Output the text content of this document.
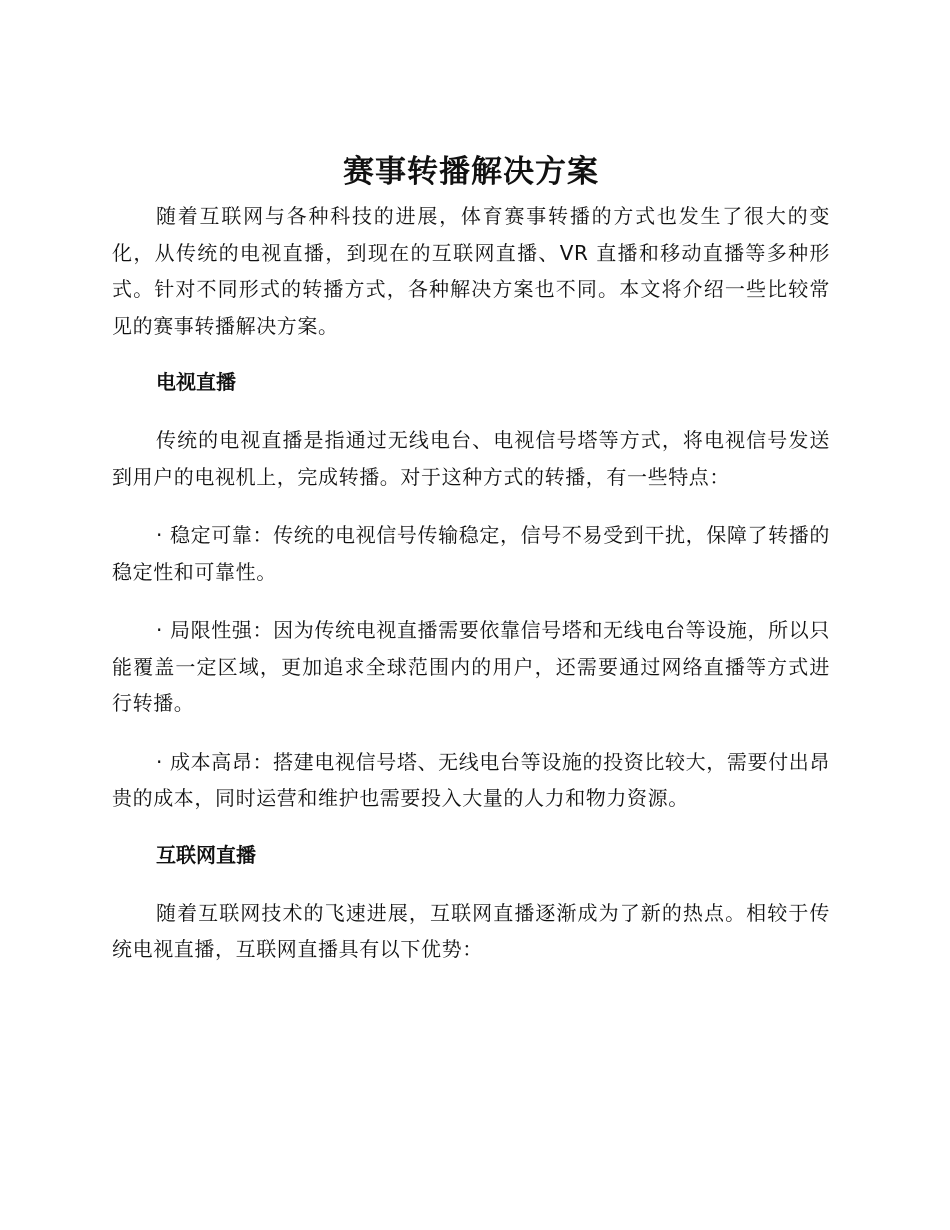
赛事转播解决方案

随着互联网与各种科技的进展，体育赛事转播的方式也发生了很大的变化，从传统的电视直播，到现在的互联网直播、VR 直播和移动直播等多种形式。针对不同形式的转播方式，各种解决方案也不同。本文将介绍一些比较常见的赛事转播解决方案。

电视直播

传统的电视直播是指通过无线电台、电视信号塔等方式，将电视信号发送到用户的电视机上，完成转播。对于这种方式的转播，有一些特点：

· 稳定可靠：传统的电视信号传输稳定，信号不易受到干扰，保障了转播的稳定性和可靠性。

· 局限性强：因为传统电视直播需要依靠信号塔和无线电台等设施，所以只能覆盖一定区域，更加追求全球范围内的用户，还需要通过网络直播等方式进行转播。

· 成本高昂：搭建电视信号塔、无线电台等设施的投资比较大，需要付出昂贵的成本，同时运营和维护也需要投入大量的人力和物力资源。

互联网直播

随着互联网技术的飞速进展，互联网直播逐渐成为了新的热点。相较于传统电视直播，互联网直播具有以下优势：
